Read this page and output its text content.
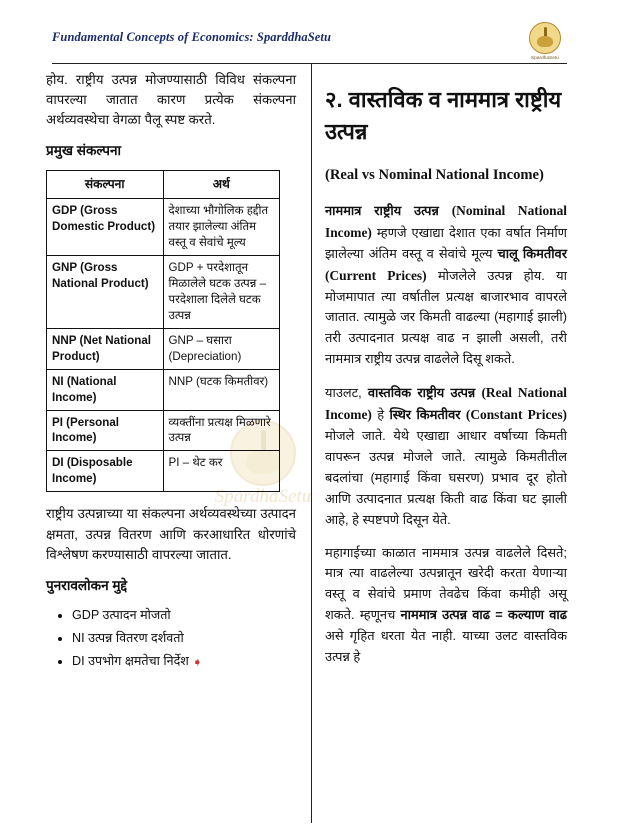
Fundamental Concepts of Economics: SparddhaSetu
SpardhaSetu
SpardhaSetu

होय. राष्ट्रीय उत्पन्न मोजण्यासाठी विविध संकल्पना वापरल्या जातात कारण प्रत्येक संकल्पना अर्थव्यवस्थेचा वेगळा पैलू स्पष्ट करते.

प्रमुख संकल्पना
संकल्पना	अर्थ
GDP (Gross Domestic Product)	देशाच्या भौगोलिक हद्दीत तयार झालेल्या अंतिम वस्तू व सेवांचे मूल्य
GNP (Gross National Product)	GDP + परदेशातून मिळालेले घटक उत्पन्न – परदेशाला दिलेले घटक उत्पन्न
NNP (Net National Product)	GNP – घसारा (Depreciation)
NI (National Income)	NNP (घटक किमतीवर)
PI (Personal Income)	व्यक्तींना प्रत्यक्ष मिळणारे उत्पन्न
DI (Disposable Income)	PI – थेट कर

राष्ट्रीय उत्पन्नाच्या या संकल्पना अर्थव्यवस्थेच्या उत्पादन क्षमता, उत्पन्न वितरण आणि करआधारित धोरणांचे विश्लेषण करण्यासाठी वापरल्या जातात.

पुनरावलोकन मुद्दे
• GDP उत्पादन मोजतो
• NI उत्पन्न वितरण दर्शवतो
• DI उपभोग क्षमतेचा निर्देश ➧
२. वास्तविक व नाममात्र राष्ट्रीय उत्पन्न
(Real vs Nominal National Income)

नाममात्र राष्ट्रीय उत्पन्न (Nominal National Income) म्हणजे एखाद्या देशात एका वर्षात निर्माण झालेल्या अंतिम वस्तू व सेवांचे मूल्य चालू किमतीवर (Current Prices) मोजलेले उत्पन्न होय. या मोजमापात त्या वर्षातील प्रत्यक्ष बाजारभाव वापरले जातात. त्यामुळे जर किमती वाढल्या (महागाई झाली) तरी उत्पादनात प्रत्यक्ष वाढ न झाली असली, तरी नाममात्र राष्ट्रीय उत्पन्न वाढलेले दिसू शकते.

याउलट, वास्तविक राष्ट्रीय उत्पन्न (Real National Income) हे स्थिर किमतीवर (Constant Prices) मोजले जाते. येथे एखाद्या आधार वर्षाच्या किमती वापरून उत्पन्न मोजले जाते. त्यामुळे किमतीतील बदलांचा (महागाई किंवा घसरण) प्रभाव दूर होतो आणि उत्पादनात प्रत्यक्ष किती वाढ किंवा घट झाली आहे, हे स्पष्टपणे दिसून येते.

महागाईच्या काळात नाममात्र उत्पन्न वाढलेले दिसते; मात्र त्या वाढलेल्या उत्पन्नातून खरेदी करता येणाऱ्या वस्तू व सेवांचे प्रमाण तेवढेच किंवा कमीही असू शकते. म्हणूनच नाममात्र उत्पन्न वाढ = कल्याण वाढ असे गृहित धरता येत नाही. याच्या उलट वास्तविक उत्पन्न हे
